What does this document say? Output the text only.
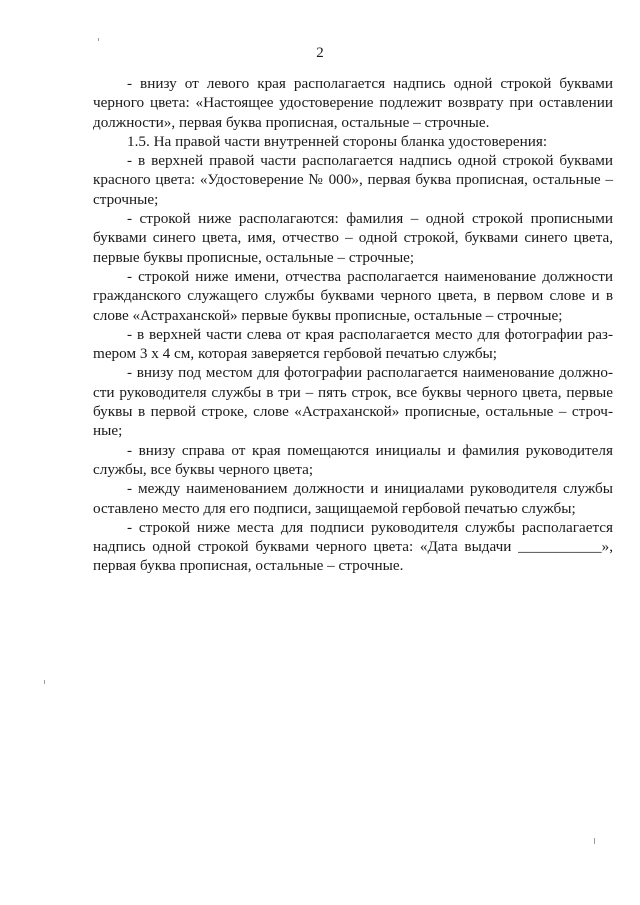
2

- внизу от левого края располагается надпись одной строкой буквами черного цвета: «Настоящее удостоверение подлежит возврату при оставлении должности», первая буква прописная, остальные – строчные.

1.5. На правой части внутренней стороны бланка удостоверения:

- в верхней правой части располагается надпись одной строкой буквами красного цвета: «Удостоверение № 000», первая буква прописная, остальные – строчные;

- строкой ниже располагаются: фамилия – одной строкой прописными буквами синего цвета, имя, отчество – одной строкой, буквами синего цвета, первые буквы прописные, остальные – строчные;

- строкой ниже имени, отчества располагается наименование должности гражданского служащего службы буквами черного цвета, в первом слове и в слове «Астраханской» первые буквы прописные, остальные – строчные;

- в верхней части слева от края располагается место для фотографии разmером 3 х 4 см, которая заверяется гербовой печатью службы;

- внизу под местом для фотографии располагается наименование должности руководителя службы в три – пять строк, все буквы черного цвета, первые буквы в первой строке, слове «Астраханской» прописные, остальные – строчные;

- внизу справа от края помещаются инициалы и фамилия руководителя службы, все буквы черного цвета;

- между наименованием должности и инициалами руководителя службы оставлено место для его подписи, защищаемой гербовой печатью службы;

- строкой ниже места для подписи руководителя службы располагается надпись одной строкой буквами черного цвета: «Дата выдачи ___________», первая буква прописная, остальные – строчные.
